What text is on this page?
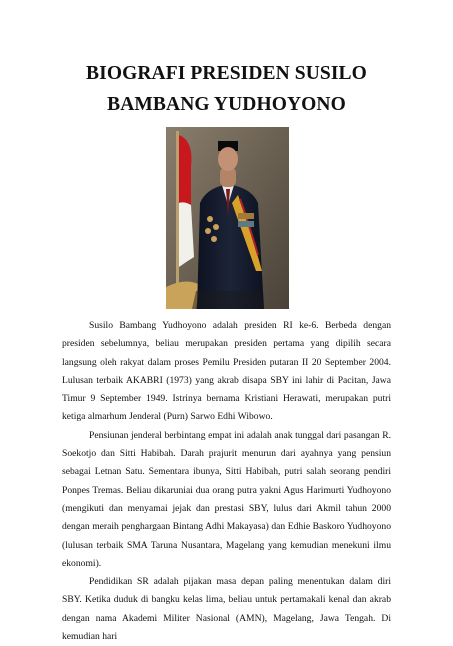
BIOGRAFI PRESIDEN SUSILO
BAMBANG YUDHOYONO

Susilo Bambang Yudhoyono adalah presiden RI ke-6. Berbeda dengan presiden sebelumnya, beliau merupakan presiden pertama yang dipilih secara langsung oleh rakyat dalam proses Pemilu Presiden putaran II 20 September 2004. Lulusan terbaik AKABRI (1973) yang akrab disapa SBY ini lahir di Pacitan, Jawa Timur 9 September 1949. Istrinya bernama Kristiani Herawati, merupakan putri ketiga almarhum Jenderal (Purn) Sarwo Edhi Wibowo.

Pensiunan jenderal berbintang empat ini adalah anak tunggal dari pasangan R. Soekotjo dan Sitti Habibah. Darah prajurit menurun dari ayahnya yang pensiun sebagai Letnan Satu. Sementara ibunya, Sitti Habibah, putri salah seorang pendiri Ponpes Tremas. Beliau dikaruniai dua orang putra yakni Agus Harimurti Yudhoyono (mengikuti dan menyamai jejak dan prestasi SBY, lulus dari Akmil tahun 2000 dengan meraih penghargaan Bintang Adhi Makayasa) dan Edhie Baskoro Yudhoyono (lulusan terbaik SMA Taruna Nusantara, Magelang yang kemudian menekuni ilmu ekonomi).

Pendidikan SR adalah pijakan masa depan paling menentukan dalam diri SBY. Ketika duduk di bangku kelas lima, beliau untuk pertamakali kenal dan akrab dengan nama Akademi Militer Nasional (AMN), Magelang, Jawa Tengah. Di kemudian hari
